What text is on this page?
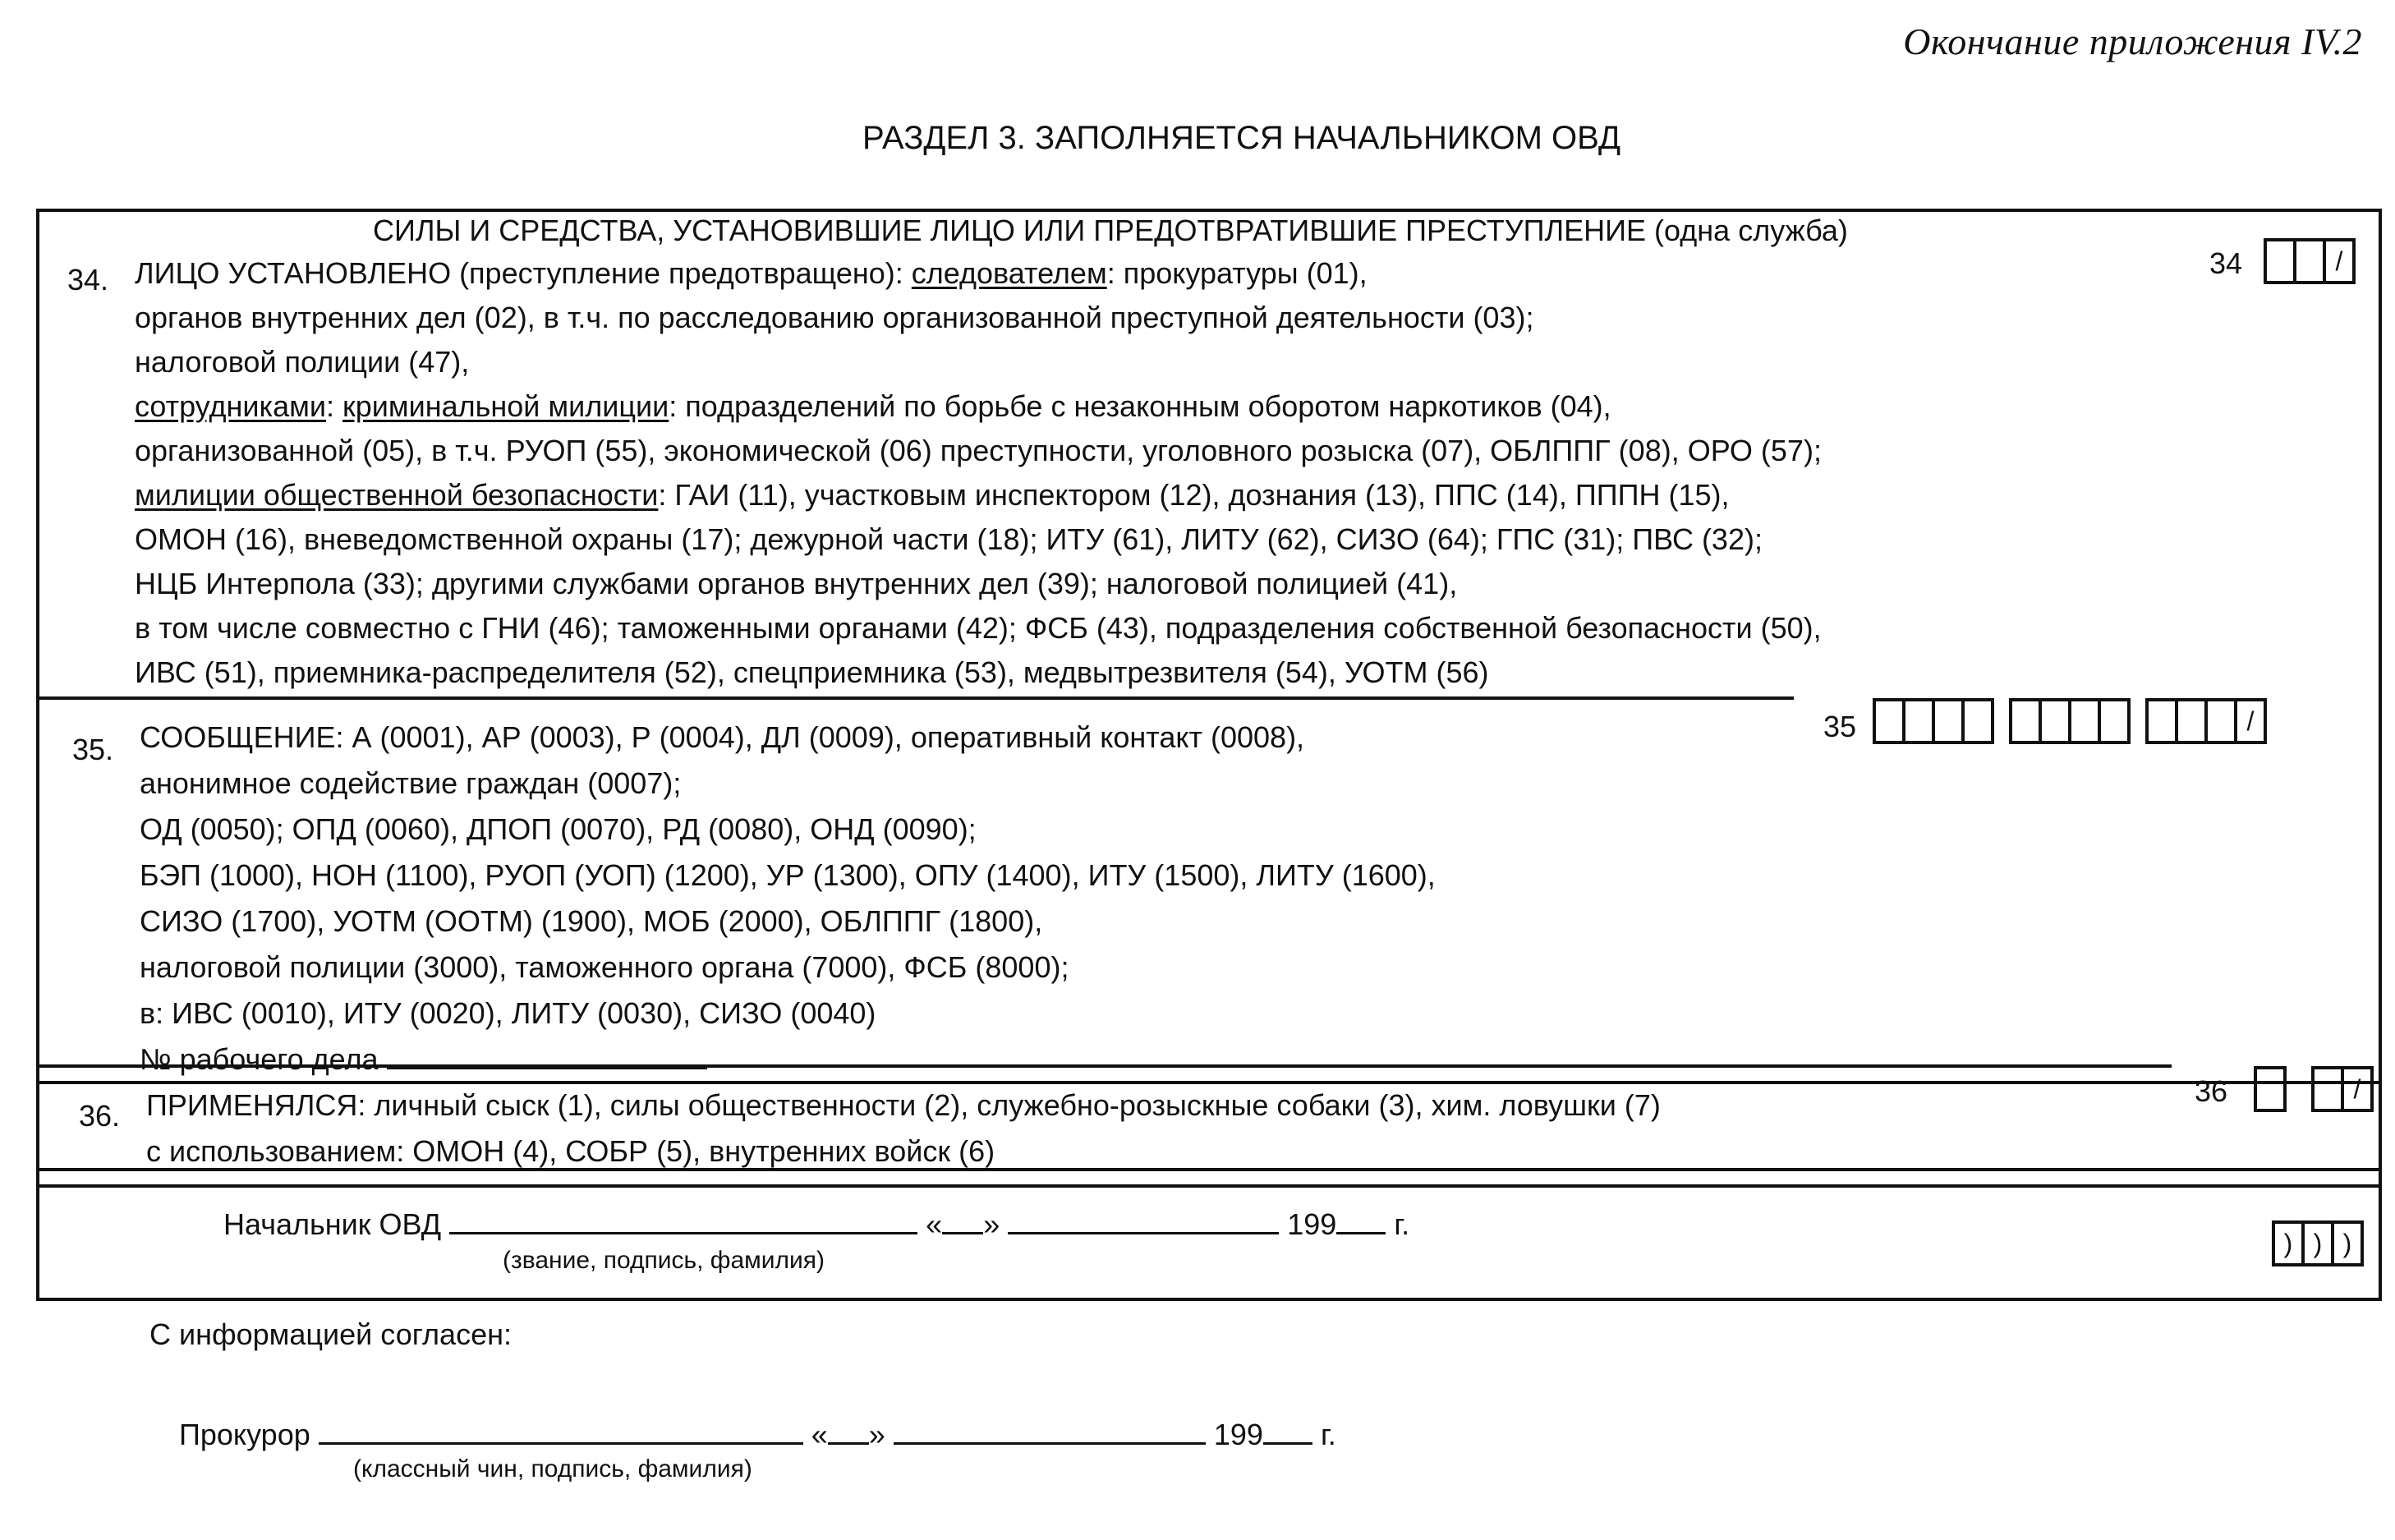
Окончание приложения IV.2
РАЗДЕЛ 3. ЗАПОЛНЯЕТСЯ НАЧАЛЬНИКОМ ОВД
СИЛЫ И СРЕДСТВА, УСТАНОВИВШИЕ ЛИЦО ИЛИ ПРЕДОТВРАТИВШИЕ ПРЕСТУПЛЕНИЕ (одна служба)
34. ЛИЦО УСТАНОВЛЕНО (преступление предотвращено): следователем: прокуратуры (01),
органов внутренних дел (02), в т.ч. по расследованию организованной преступной деятельности (03);
налоговой полиции (47),
сотрудниками: криминальной милиции: подразделений по борьбе с незаконным оборотом наркотиков (04),
организованной (05), в т.ч. РУОП (55), экономической (06) преступности, уголовного розыска (07), ОБЛППГ (08), ОРО (57);
милиции общественной безопасности: ГАИ (11), участковым инспектором (12), дознания (13), ППС (14), ПППН (15),
ОМОН (16), вневедомственной охраны (17); дежурной части (18); ИТУ (61), ЛИТУ (62), СИЗО (64); ГПС (31); ПВС (32);
НЦБ Интерпола (33); другими службами органов внутренних дел (39); налоговой полицией (41),
в том числе совместно с ГНИ (46); таможенными органами (42); ФСБ (43), подразделения собственной безопасности (50),
ИВС (51), приемника-распределителя (52), спецприемника (53), медвытрезвителя (54), УОТМ (56)
34	/
35. СООБЩЕНИЕ: А (0001), АР (0003), Р (0004), ДЛ (0009), оперативный контакт (0008),
анонимное содействие граждан (0007);
ОД (0050); ОПД (0060), ДПОП (0070), РД (0080), ОНД (0090);
БЭП (1000), НОН (1100), РУОП (УОП) (1200), УР (1300), ОПУ (1400), ИТУ (1500), ЛИТУ (1600),
СИЗО (1700), УОТМ (ООТМ) (1900), МОБ (2000), ОБЛППГ (1800),
налоговой полиции (3000), таможенного органа (7000), ФСБ (8000);
в: ИВС (0010), ИТУ (0020), ЛИТУ (0030), СИЗО (0040)
№ рабочего дела
35	/
36. ПРИМЕНЯЛСЯ: личный сыск (1), силы общественности (2), служебно-розыскные собаки (3), хим. ловушки (7)
с использованием: ОМОН (4), СОБР (5), внутренних войск (6)
36	/
Начальник ОВД	« »	199 г.
(звание, подпись, фамилия)
) ) )
С информацией согласен:
Прокурор	« »	199 г.
(классный чин, подпись, фамилия)
